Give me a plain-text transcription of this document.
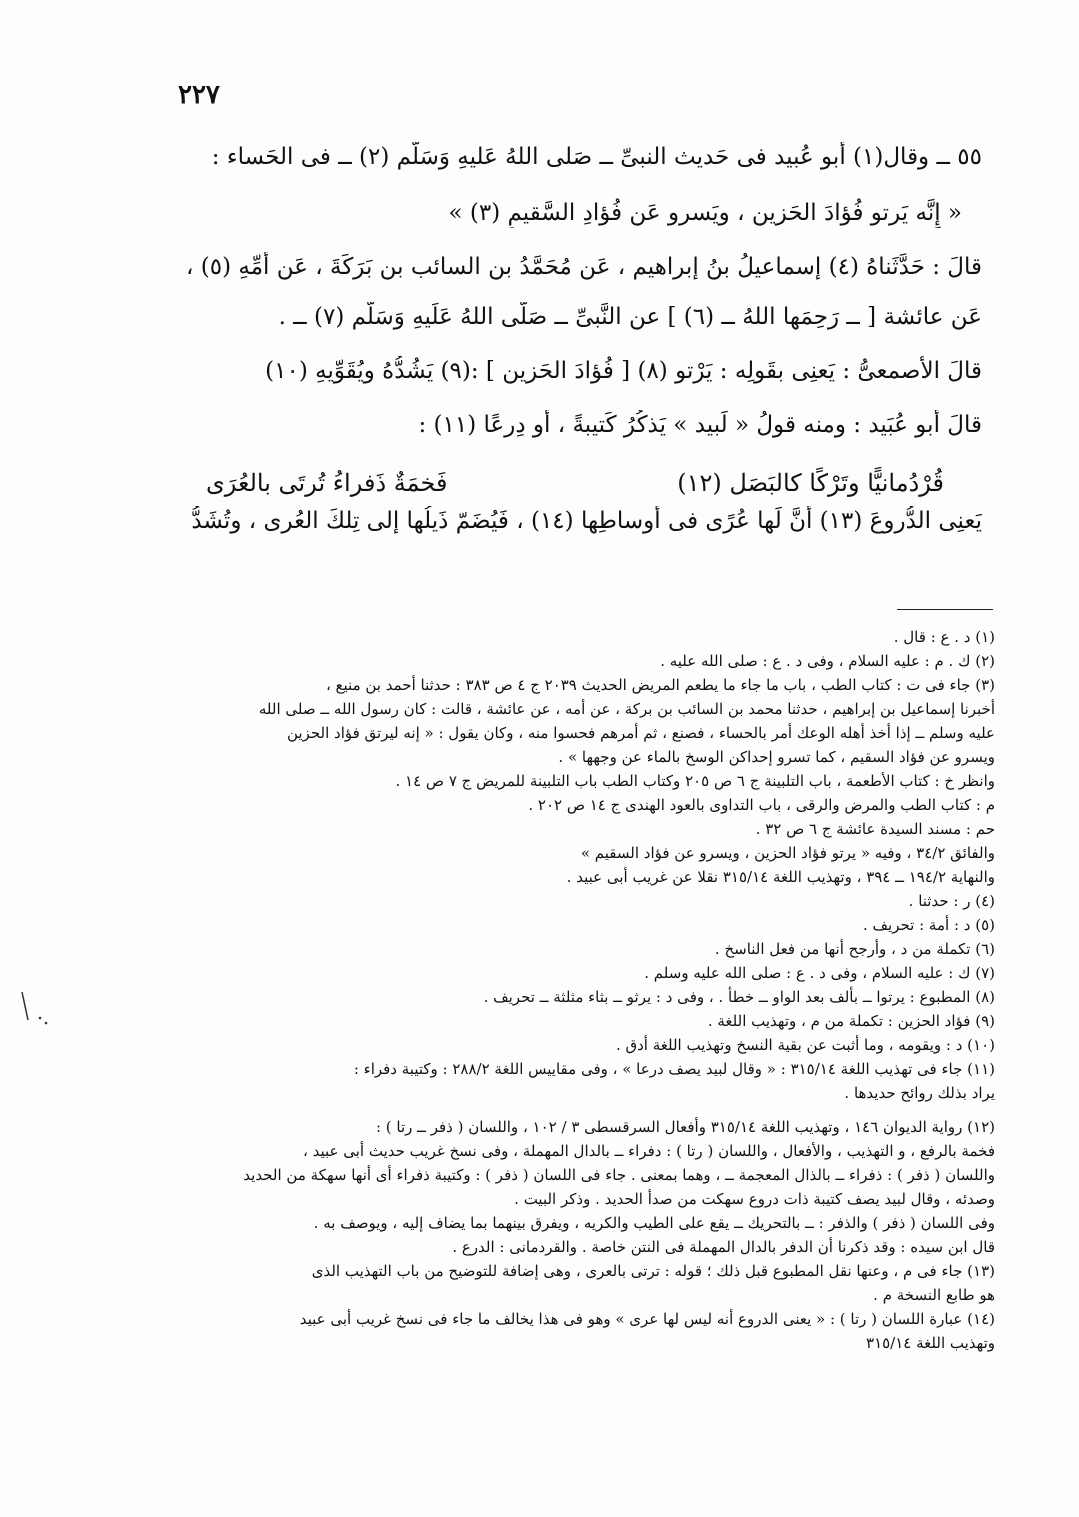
٢٢٧
٥٥ ــ وقال(١) أبو عُبيد فى حَديث النبىِّ ــ صَلى اللهُ عَليهِ وَسَلَّم (٢) ــ فى الحَساء :
« إِنَّه يَرتو فُؤادَ الحَزين ، ويَسرو عَن فُؤادِ السَّقيمِ (٣) »
قالَ : حَدَّثَناهُ (٤) إسماعيلُ بنُ إبراهيم ، عَن مُحَمَّدُ بن السائب بن بَرَكَةَ ، عَن أُمِّهِ (٥) ،
عَن عائشة [ ــ رَحِمَها اللهُ ــ (٦) ] عن النَّبىِّ ــ صَلَّى اللهُ عَلَيهِ وَسَلَّم (٧) ــ .
قالَ الأَصمعىُّ : يَعنِى بقَولِه : يَرْتو (٨) [ فُؤادَ الحَزين ] :(٩) يَشُدُّهُ ويُقَوِّيهِ (١٠)
قالَ أبو عُبَيد : ومنه قولُ « لَبيد » يَذكُرُ كَتيبةً ، أو دِرعًا (١١) :
فَخمَةٌ ذَفراءُ تُرتَى بالعُرَى	قُرْدُمانيًّا وتَرْكًا كالبَصَل (١٢)
يَعنِى الدُّروعَ (١٣) أنَّ لَها عُرًى فى أَوساطِها (١٤) ، فَيُضَمّ ذَيلُها إلى تِلكَ العُرى ، وتُشَدُّ
(١) د . ع : قال .
(٢) ك . م : عليه السلام ، وفى د . ع : صلى الله عليه .
(٣) جاء فى ت : كتاب الطب ، باب ما جاء ما يطعم المريض الحديث ٢٠٣٩ ج ٤ ص ٣٨٣ : حدثنا أحمد بن منيع ،
أخبرنا إسماعيل بن إبراهيم ، حدثنا محمد بن السائب بن بركة ، عن أمه ، عن عائشة ، قالت : كان رسول الله ــ صلى الله
عليه وسلم ــ إذا أخذ أهله الوعك أمر بالحساء ، فصنع ، ثم أمرهم فحسوا منه ، وكان يقول : « إنه ليرتق فؤاد الحزين
ويسرو عن فؤاد السقيم ، كما تسرو إحداكن الوسخ بالماء عن وجهها » .
وانظر خ : كتاب الأطعمة ، باب التلبينة ج ٦ ص ٢٠٥ وكتاب الطب باب التلبينة للمريض ج ٧ ص ١٤ .
م : كتاب الطب والمرض والرقى ، باب التداوى بالعود الهندى ج ١٤ ص ٢٠٢ .
حم : مسند السيدة عائشة ج ٦ ص ٣٢ .
والفائق ٣٤/٢ ، وفيه « يرتو فؤاد الحزين ، ويسرو عن فؤاد السقيم »
والنهاية ١٩٤/٢ ــ ٣٩٤ ، وتهذيب اللغة ٣١٥/١٤ نقلا عن غريب أبى عبيد .
(٤) ر : حدثنا .
(٥) د : أمة : تحريف .
(٦) تكملة من د ، وأرجح أنها من فعل الناسخ .
(٧) ك : عليه السلام ، وفى د . ع : صلى الله عليه وسلم .
(٨) المطبوع : يرتوا ــ بألف بعد الواو ــ خطأ . ، وفى د : يرثو ــ بثاء مثلثة ــ تحريف .
(٩) فؤاد الحزين : تكملة من م ، وتهذيب اللغة .
(١٠) د : ويقومه ، وما أثبت عن بقية النسخ وتهذيب اللغة أدق .
(١١) جاء فى تهذيب اللغة ٣١٥/١٤ : « وقال لبيد يصف درعا » ، وفى مقاييس اللغة ٢٨٨/٢ : وكتيبة دفراء :
يراد بذلك روائح حديدها .
(١٢) رواية الديوان ١٤٦ ، وتهذيب اللغة ٣١٥/١٤ وأفعال السرقسطى ٣ / ١٠٢ ، واللسان ( ذفر ــ رتا ) :
فخمة بالرفع ، و التهذيب ، والأفعال ، واللسان ( رتا ) : دفراء ــ بالدال المهملة ، وفى نسخ غريب حديث أبى عبيد ،
واللسان ( ذفر ) : ذفراء ــ بالذال المعجمة ــ ، وهما بمعنى . جاء فى اللسان ( ذفر ) : وكتيبة ذفراء أى أنها سهكة من الحديد
وصدئه ، وقال لبيد يصف كتيبة ذات دروع سهكت من صدأ الحديد . وذكر البيت .
وفى اللسان ( ذفر ) والذفر : ــ بالتحريك ــ يقع على الطيب والكريه ، ويفرق بينهما بما يضاف إليه ، ويوصف به .
قال ابن سيده : وقد ذكرنا أن الدفر بالدال المهملة فى النتن خاصة . والقردمانى : الدرع .
(١٣) جاء فى م ، وعنها نقل المطبوع قبل ذلك ؛ قوله : ترتى بالعرى ، وهى إضافة للتوضيح من باب التهذيب الذى
هو طابع النسخة م .
(١٤) عبارة اللسان ( رتا ) : « يعنى الدروع أنه ليس لها عرى » وهو فى هذا يخالف ما جاء فى نسخ غريب أبى عبيد
وتهذيب اللغة ٣١٥/١٤
